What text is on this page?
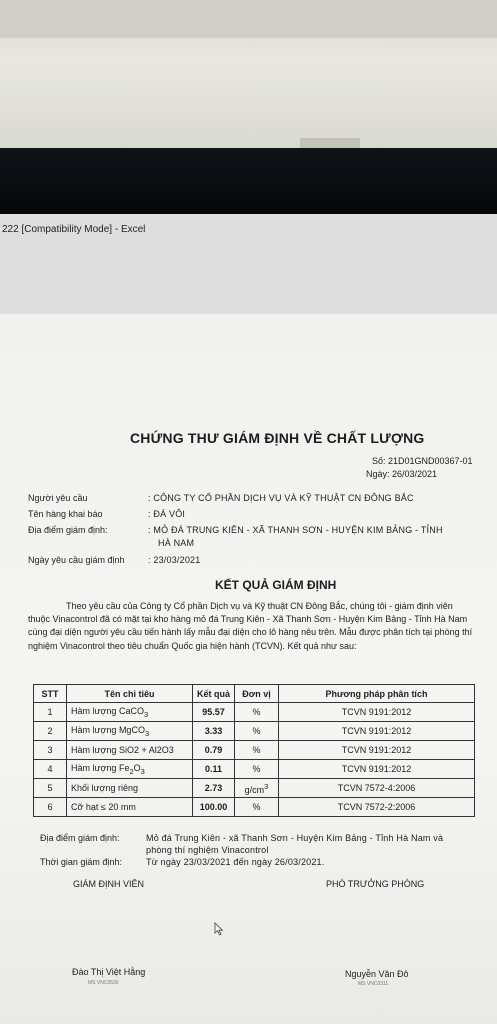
222 [Compatibility Mode] - Excel
CHỨNG THƯ GIÁM ĐỊNH VỀ CHẤT LƯỢNG
Số: 21D01GND00367-01
Ngày: 26/03/2021
Người yêu cầu	: CÔNG TY CỔ PHẦN DỊCH VỤ VÀ KỸ THUẬT CN ĐÔNG BẮC
Tên hàng khai báo	: ĐÁ VÔI
Địa điểm giám định:	: MỎ ĐÁ TRUNG KIÊN - XÃ THANH SƠN - HUYỆN KIM BẢNG - TỈNH
HÀ NAM
Ngày yêu cầu giám định	: 23/03/2021
KẾT QUẢ GIÁM ĐỊNH
Theo yêu cầu của Công ty Cổ phần Dịch vụ và Kỹ thuật CN Đông Bắc, chúng tôi - giám định viên thuộc Vinacontrol đã có mặt tại kho hàng mỏ đá Trung Kiên - Xã Thanh Sơn - Huyện Kim Bảng - Tỉnh Hà Nam cùng đại diện người yêu cầu tiến hành lấy mẫu đại diện cho lô hàng nêu trên. Mẫu được phân tích tại phòng thí nghiệm Vinacontrol theo tiêu chuẩn Quốc gia hiện hành (TCVN). Kết quả như sau:
STT	Tên chỉ tiêu	Kết quả	Đơn vị	Phương pháp phân tích
1	Hàm lượng CaCO$_3$	95.57	%	TCVN 9191:2012
2	Hàm lượng MgCO$_3$	3.33	%	TCVN 9191:2012
3	Hàm lượng SiO2 + Al2O3	0.79	%	TCVN 9191:2012
4	Hàm lượng $Fe_2O_3$	0.11	%	TCVN 9191:2012
5	Khối lượng riêng	2.73	$g/cm^3$	TCVN 7572-4:2006
6	Cỡ hạt ≤ 20 mm	100.00	%	TCVN 7572-2:2006
Địa điểm giám định:	Mỏ đá Trung Kiên - xã Thanh Sơn - Huyện Kim Bảng - Tỉnh Hà Nam và
phòng thí nghiệm Vinacontrol
Thời gian giám định:	Từ ngày 23/03/2021 đến ngày 26/03/2021.
GIÁM ĐỊNH VIÊN	PHÓ TRƯỞNG PHÒNG
Đào Thị Việt Hằng
MS VNC0530
Nguyễn Văn Đô
MS VNC0311
